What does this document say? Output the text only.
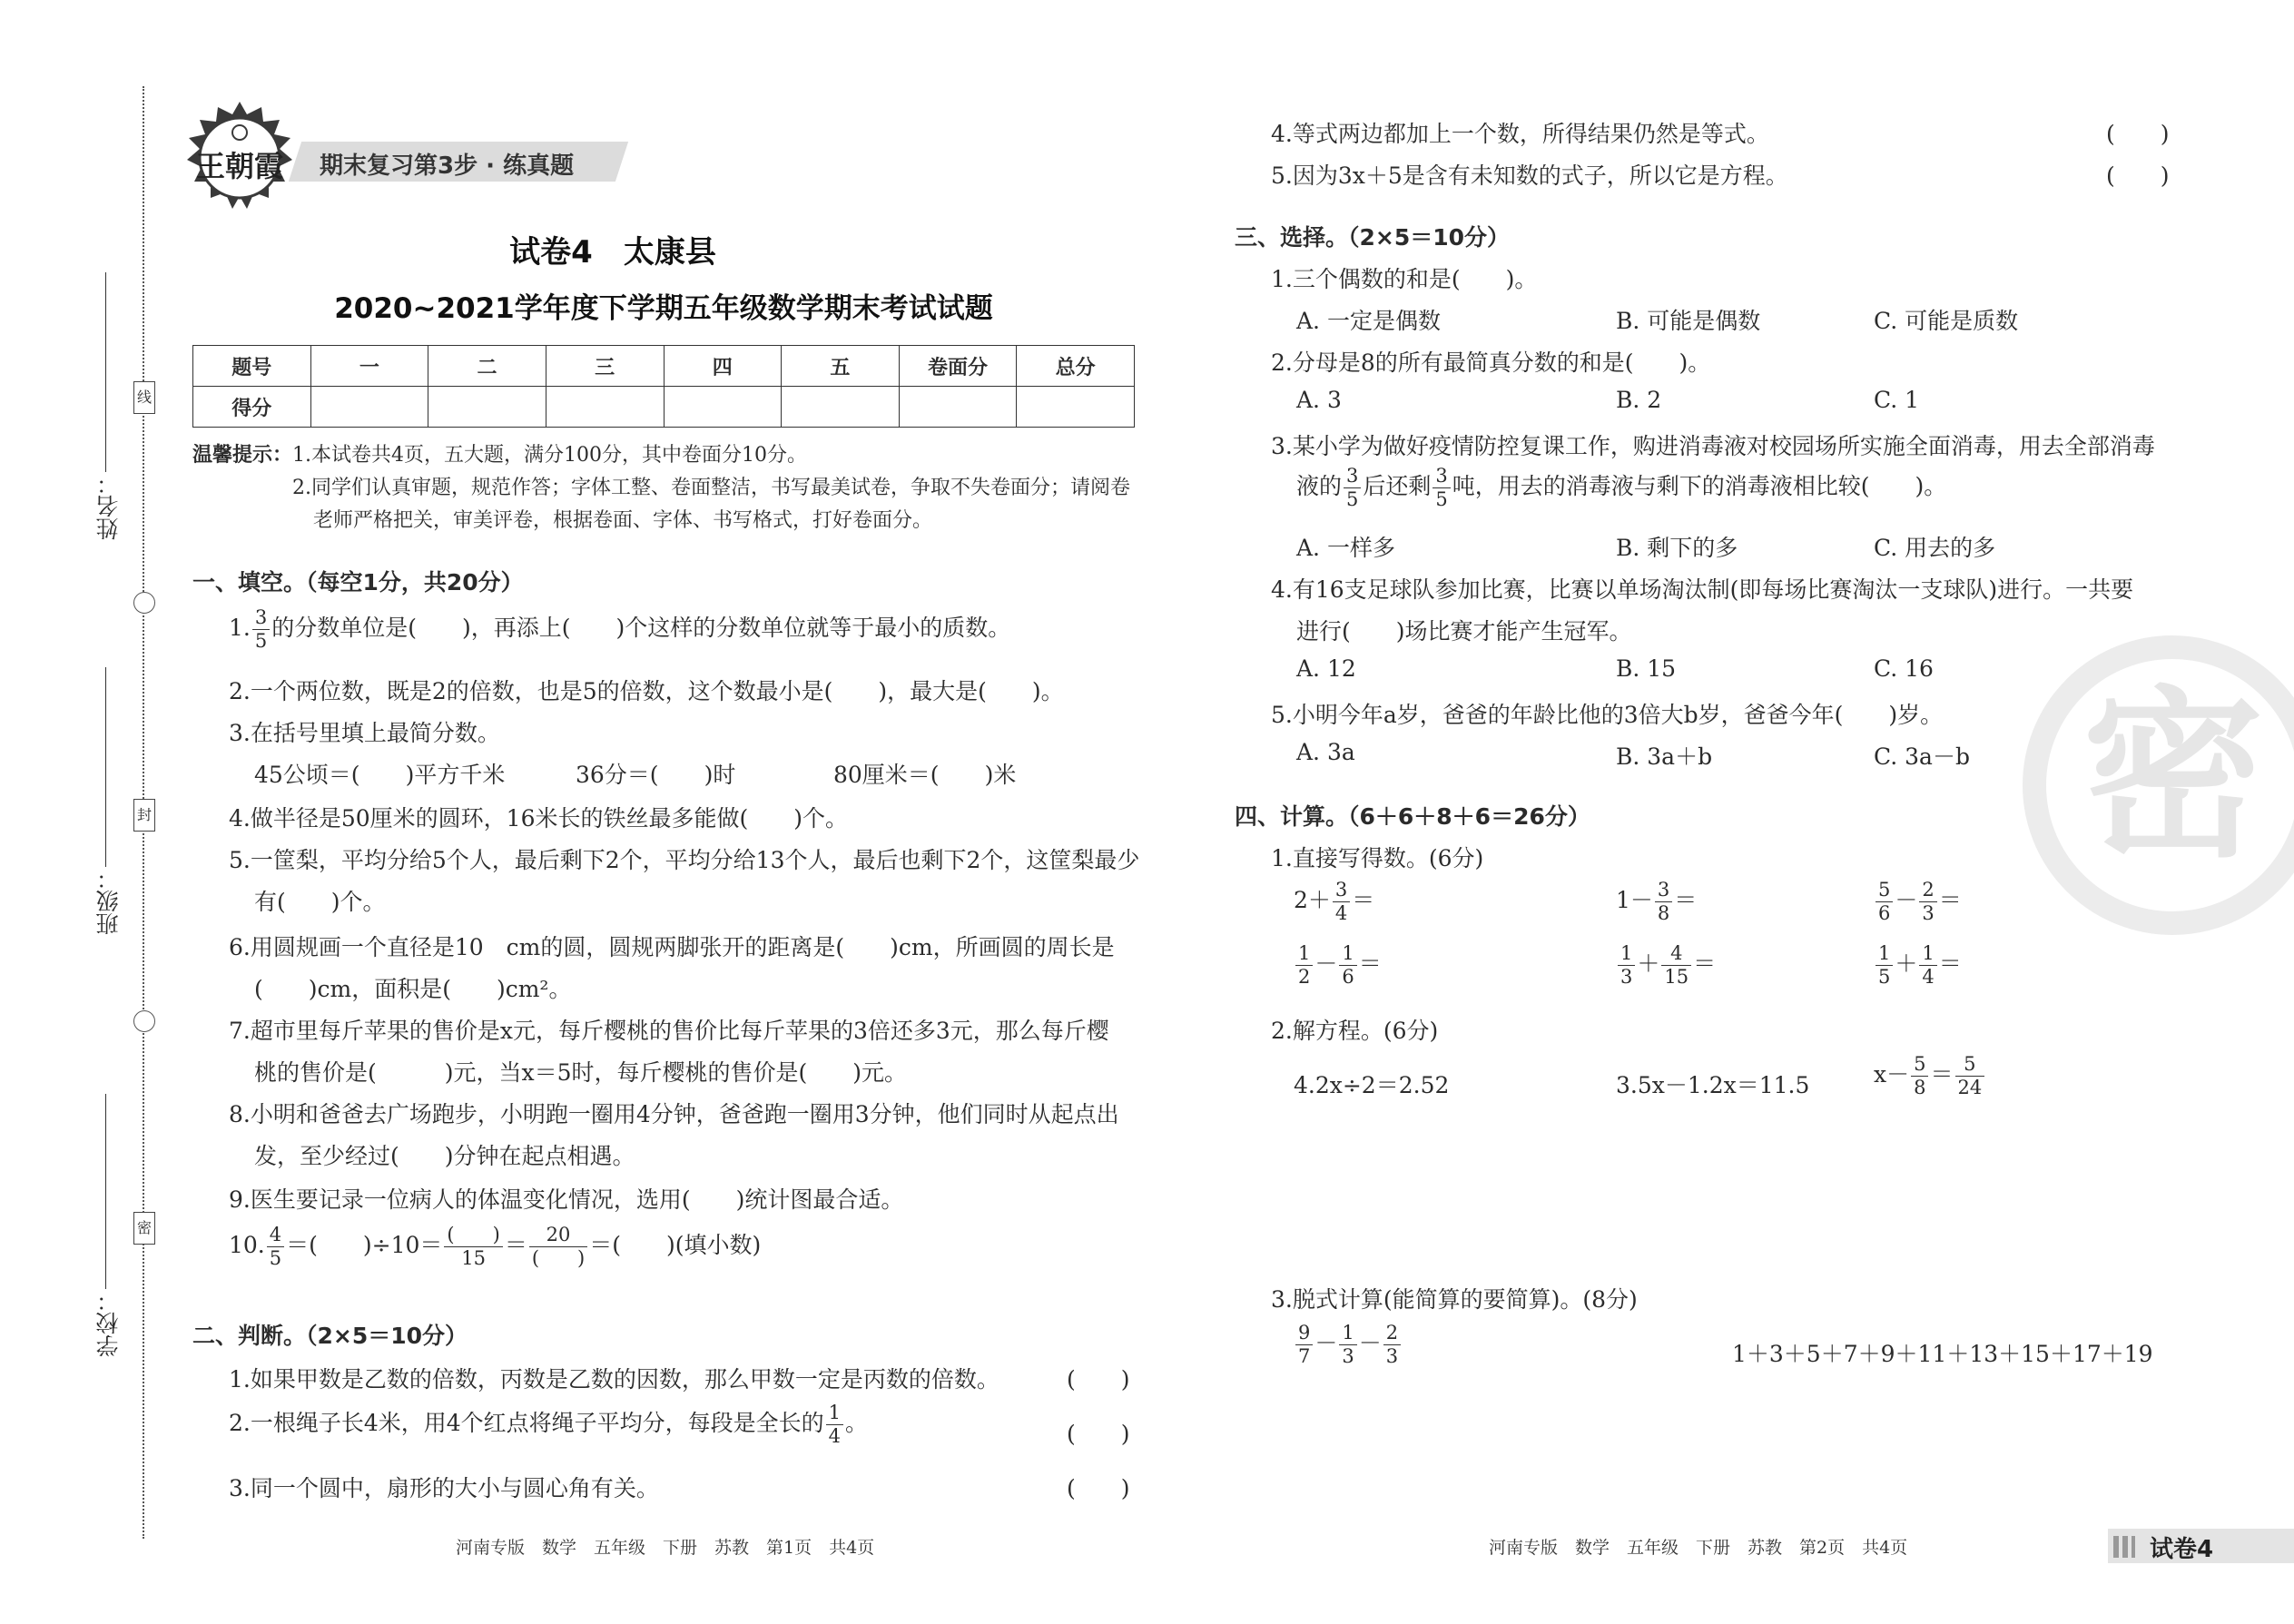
姓名：
班级：
学校：
线
封
密
王朝霞	期末复习第3步 · 练真题
试卷4　太康县
2020~2021学年度下学期五年级数学期末考试试题
题号	一	二	三	四	五	卷面分	总分
得分							
温馨提示：1.本试卷共4页，五大题，满分100分，其中卷面分10分。
2.同学们认真审题，规范作答；字体工整、卷面整洁，书写最美试卷，争取不失卷面分；请阅卷
老师严格把关，审美评卷，根据卷面、字体、书写格式，打好卷面分。
一、填空。（每空1分，共20分）
1. $\frac{3}{5}$ 的分数单位是(　　)，再添上(　　)个这样的分数单位就等于最小的质数。
2.一个两位数，既是2的倍数，也是5的倍数，这个数最小是(　　)，最大是(　　)。
3.在括号里填上最简分数。
45公顷＝(　　)平方千米	36分＝(　　)时	80厘米＝(　　)米
4.做半径是50厘米的圆环，16米长的铁丝最多能做(　　)个。
5.一筐梨，平均分给5个人，最后剩下2个，平均分给13个人，最后也剩下2个，这筐梨最少
有(　　)个。
6.用圆规画一个直径是10　cm的圆，圆规两脚张开的距离是(　　)cm，所画圆的周长是
(　　)cm，面积是(　　)cm²。
7.超市里每斤苹果的售价是x元，每斤樱桃的售价比每斤苹果的3倍还多3元，那么每斤樱
桃的售价是(　　　)元，当x＝5时，每斤樱桃的售价是(　　)元。
8.小明和爸爸去广场跑步，小明跑一圈用4分钟，爸爸跑一圈用3分钟，他们同时从起点出
发，至少经过(　　)分钟在起点相遇。
9.医生要记录一位病人的体温变化情况，选用(　　)统计图最合适。
10. $\frac{4}{5}$ ＝(　　)$\div 10= \frac{( )}{15} = \frac{20}{( )}$ ＝(　　)(填小数)
二、判断。（2×5＝10分）
1.如果甲数是乙数的倍数，丙数是乙数的因数，那么甲数一定是丙数的倍数。	(　　)
2.一根绳子长4米，用4个红点将绳子平均分，每段是全长的 $\frac{1}{4}$ 。	(　　)
3.同一个圆中，扇形的大小与圆心角有关。	(　　)
河南专版　数学　五年级　下册　苏教　第1页　共4页
4.等式两边都加上一个数，所得结果仍然是等式。	(　　)
5.因为3x＋5是含有未知数的式子，所以它是方程。	(　　)
三、选择。（2×5＝10分）
1.三个偶数的和是(　　)。
A. 一定是偶数	B. 可能是偶数	C. 可能是质数
2.分母是8的所有最简真分数的和是(　　)。
A. 3	B. 2	C. 1
3.某小学为做好疫情防控复课工作，购进消毒液对校园场所实施全面消毒，用去全部消毒
液的 $\frac{3}{5}$ 后还剩 $\frac{3}{5}$ 吨，用去的消毒液与剩下的消毒液相比较(　　)。
A. 一样多	B. 剩下的多	C. 用去的多
4.有16支足球队参加比赛，比赛以单场淘汰制(即每场比赛淘汰一支球队)进行。一共要
进行(　　)场比赛才能产生冠军。
A. 12	B. 15	C. 16
5.小明今年a岁，爸爸的年龄比他的3倍大b岁，爸爸今年(　　)岁。
A. 3a	B. 3a＋b	C. 3a－b
四、计算。（6＋6＋8＋6＝26分）
1.直接写得数。(6分)
$2+ \frac{3}{4}$ ＝	$1- \frac{3}{8}$ ＝	$\frac{5}{6} - \frac{2}{3}$ ＝
$\frac{1}{2} - \frac{1}{6}$ ＝	$\frac{1}{3} + \frac{4}{15}$ ＝	$\frac{1}{5} + \frac{1}{4}$ ＝
2.解方程。(6分)
4.2x÷2＝2.52	3.5x－1.2x＝11.5	$x- \frac{5}{8} = \frac{5}{24}$
3.脱式计算(能简算的要简算)。(8分)
$\frac{9}{7} - \frac{1}{3} - \frac{2}{3}$	1＋3＋5＋7＋9＋11＋13＋15＋17＋19
河南专版　数学　五年级　下册　苏教　第2页　共4页	试卷4
密
